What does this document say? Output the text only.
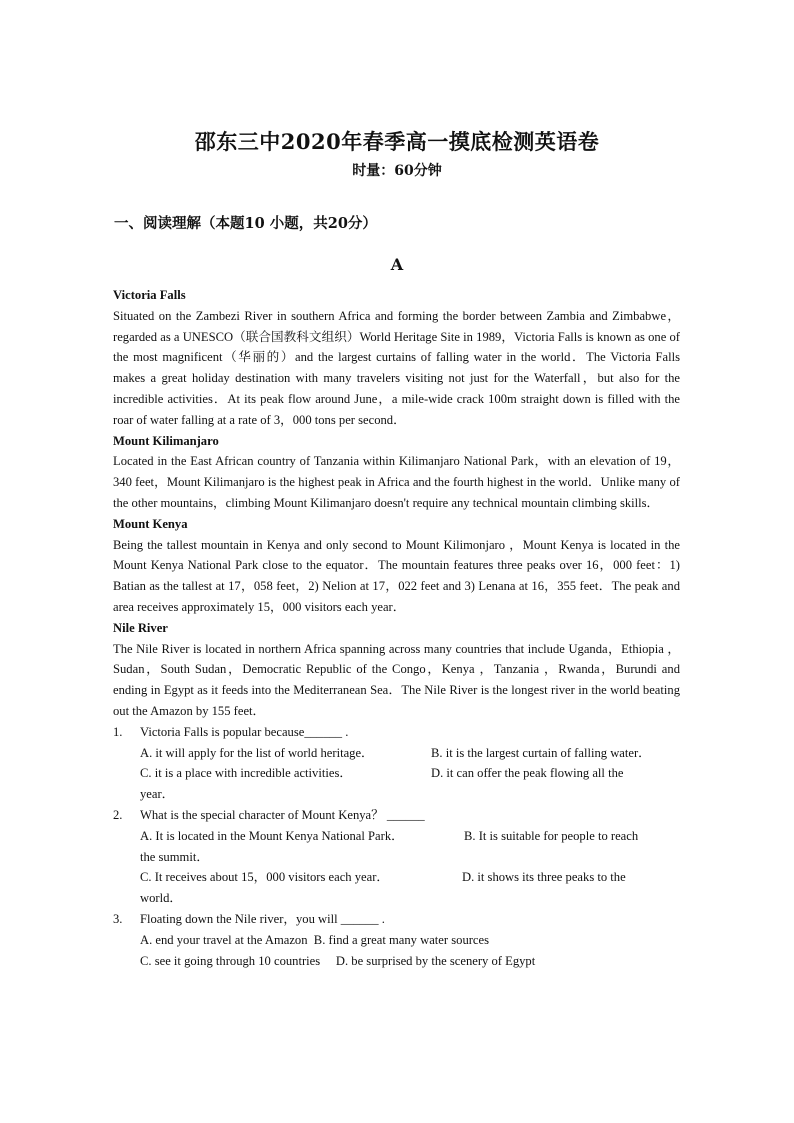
邵东三中2020年春季高一摸底检测英语卷
时量：60分钟
一、阅读理解（本题10 小题，共20分）
A
Victoria Falls
Situated on the Zambezi River in southern Africa and forming the border between Zambia and Zimbabwe，regarded as a UNESCO（联合国教科文组织）World Heritage Site in 1989，Victoria Falls is known as one of the most magnificent（华丽的）and the largest curtains of falling water in the world．The Victoria Falls makes a great holiday destination with many travelers visiting not just for the Waterfall，but also for the incredible activities．At its peak flow around June，a mile-wide crack 100m straight down is filled with the roar of water falling at a rate of 3，000 tons per second．
Mount Kilimanjaro
Located in the East African country of Tanzania within Kilimanjaro National Park，with an elevation of 19，340 feet，Mount Kilimanjaro is the highest peak in Africa and the fourth highest in the world．Unlike many of the other mountains，climbing Mount Kilimanjaro doesn't require any technical mountain climbing skills．
Mount Kenya
Being the tallest mountain in Kenya and only second to Mount Kilimonjaro ，Mount Kenya is located in the Mount Kenya National Park close to the equator．The mountain features three peaks over 16，000 feet：1) Batian as the tallest at 17，058 feet，2) Nelion at 17，022 feet and 3) Lenana at 16，355 feet．The peak and area receives approximately 15，000 visitors each year．
Nile River
The Nile River is located in northern Africa spanning across many countries that include Uganda，Ethiopia ，Sudan，South Sudan，Democratic Republic of the Congo，Kenya ，Tanzania ，Rwanda，Burundi and ending in Egypt as it feeds into the Mediterranean Sea．The Nile River is the longest river in the world beating out the Amazon by 155 feet．
1.	Victoria Falls is popular because______ .
A. it will apply for the list of world heritage．	B. it is the largest curtain of falling water．
C. it is a place with incredible activities．	D. it can offer the peak flowing all the
year．
2.	What is the special character of Mount Kenya？ ______
A. It is located in the Mount Kenya National Park．	B. It is suitable for people to reach
the summit．
C. It receives about 15，000 visitors each year．	D. it shows its three peaks to the
world．
3.	Floating down the Nile river，you will ______ .
A. end your travel at the Amazon  B. find a great many water sources
C. see it going through 10 countries     D. be surprised by the scenery of Egypt
